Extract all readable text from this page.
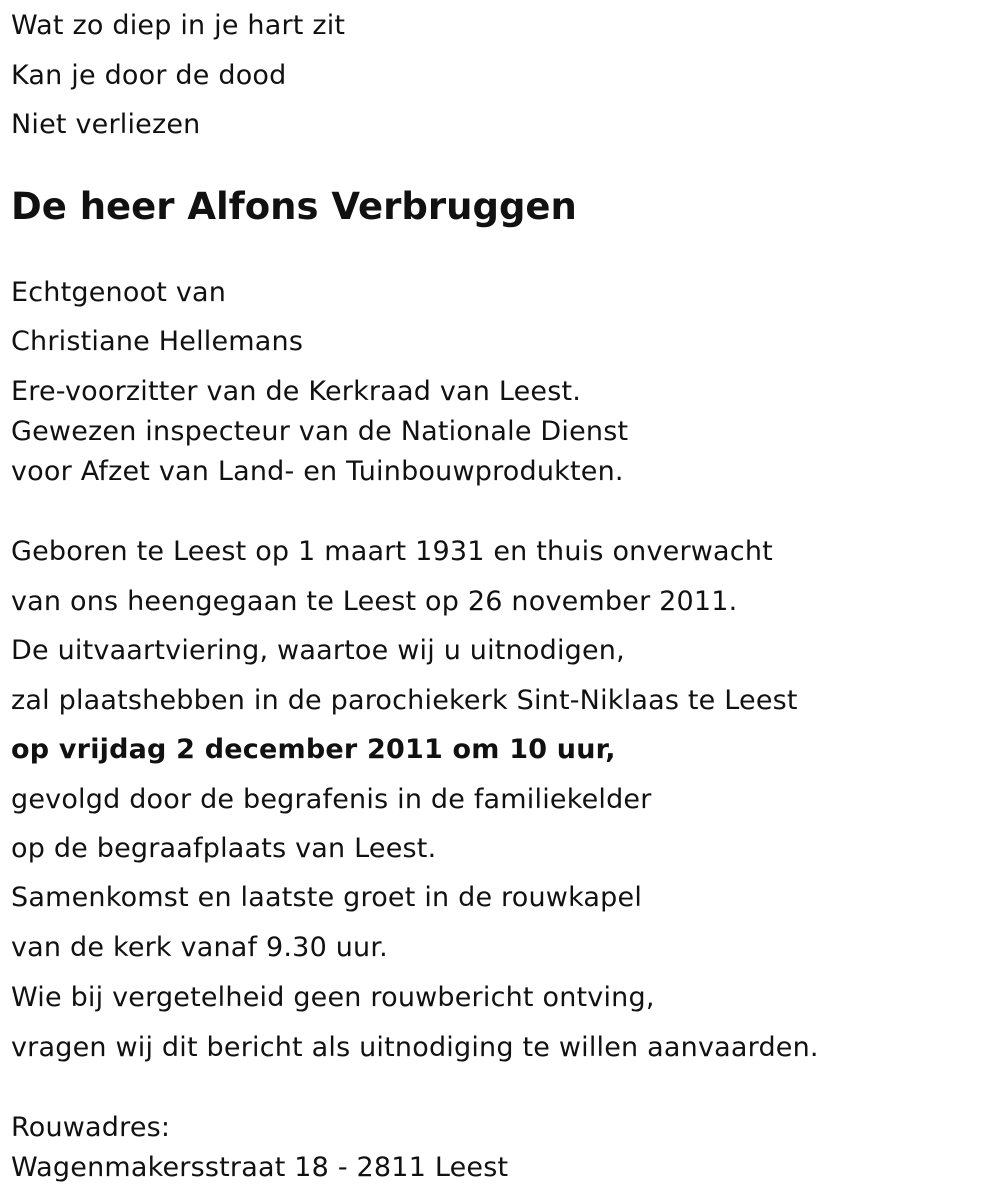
Wat zo diep in je hart zit
Kan je door de dood
Niet verliezen
De heer Alfons Verbruggen
Echtgenoot van
Christiane Hellemans
Ere-voorzitter van de Kerkraad van Leest.
Gewezen inspecteur van de Nationale Dienst
voor Afzet van Land- en Tuinbouwprodukten.
Geboren te Leest op 1 maart 1931 en thuis onverwacht
van ons heengegaan te Leest op 26 november 2011.
De uitvaartviering, waartoe wij u uitnodigen,
zal plaatshebben in de parochiekerk Sint-Niklaas te Leest
op vrijdag 2 december 2011 om 10 uur,
gevolgd door de begrafenis in de familiekelder
op de begraafplaats van Leest.
Samenkomst en laatste groet in de rouwkapel
van de kerk vanaf 9.30 uur.
Wie bij vergetelheid geen rouwbericht ontving,
vragen wij dit bericht als uitnodiging te willen aanvaarden.
Rouwadres:
Wagenmakersstraat 18 - 2811 Leest
